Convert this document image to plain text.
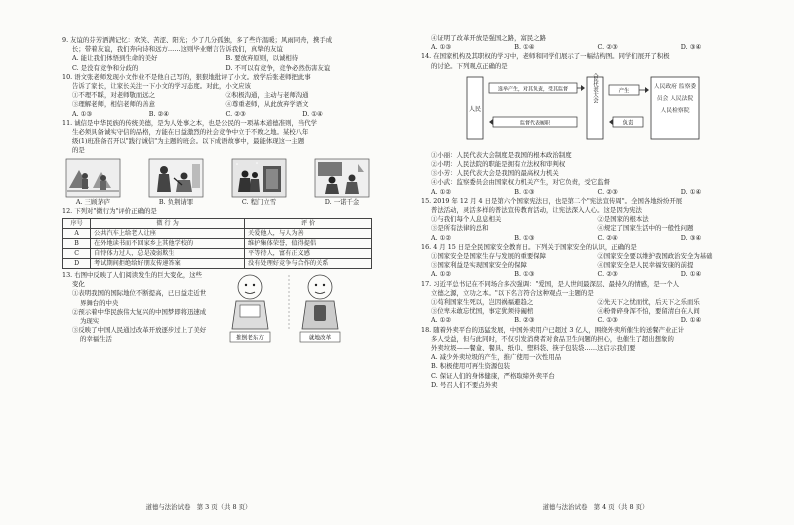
9. 友谊的芬芳洒满记忆：欢笑、苦涩、阳光；少了几分孤独，多了些许温暖；风雨同舟，携手成
长；带着友谊，我们奔向诗和远方……这则毕业赠言告诉我们，真挚的友谊
A. 能让我们体悟到生命的美好	B. 要放弃原则，以诚相待
C. 是没有竞争和分歧的	D. 不可以有竞争，竞争必然伤害友谊
10. 语文张老师发现小文作业不是他自己写的，狠狠地批评了小文。放学后张老师把此事
告诉了家长，让家长关注一下小文的学习态度。对此，小文应该
①不理不睬，对老师敬而远之	②积极沟通，主动与老师沟通
③理解老师，相信老师的善意	④尊重老师，从此放弃学语文
A. ①③	B. ②④	C. ②③	D. ①④
11. 诚信是中华民族的传统美德，是为人处事之本，也是公民的一项基本道德准则，当代学
生必须具备诚实守信的品格，方能在日益激烈的社会竞争中立于不败之地。某校八年
级(1)班准备召开以"践行诚信"为主题的班会。以下成语故事中，最能体现这一主题
的是
A. 三顾茅庐	B. 负荆请罪	C. 程门立雪	D. 一诺千金
12. 下列对"微行为"评价正确的是
序号	微 行 为	评 价
A	公共汽车上给老人让座	关爱他人，与人为善
B	在外地读书而不回家乡上其他学校的	维护集体荣誉，值得提倡
C	自恃体力过人，总是凌弱欺生	平等待人，富有正义感
D	考试期间拒绝给好朋友传递答案	没有处理好竞争与合作的关系
13. 右图中反映了人们阅读发生的巨大变化，这些
变化
①表明我国的国际地位不断提高，已日益走近世
界舞台的中央
②预示着中华民族伟大复兴的中国梦即将迅速成
为现实
③反映了中国人民通过改革开放逐步过上了美好
的幸福生活	推倒老东方	就地改革
道德与法治试卷　第 3 页（共 8 页）
④证明了改革开放是强国之路，富民之路
A. ①③	B. ①④	C. ②③	D. ③④
14. 在国家机构及其职权的学习中，老师和同学们展示了一幅结构图。同学们展开了积极
的讨论。下列观点正确的是
人民
选举产生，对其负责，受其监督
监督代表履职
人民代表大会	产生
负责
人民政府 监察委员会 人民法院 人民检察院
①小丽：人民代表大会制度是我国的根本政治制度
②小明：人民法院的职能是拥有立法权和审判权
③小芳：人民代表大会是我国的最高权力机关
④小武：监察委员会由国家权力机关产生，对它负责，受它监督
A. ①②	B. ①③	C. ②③	D. ①④
15. 2019 年 12 月 4 日是第六个国家宪法日，也是第二个"宪法宣传周"。全国各地纷纷开展
普法活动，灵活多样的普法宣传教育活动，让宪法深入人心。这是因为宪法
①与我们每个人息息相关	②是国家的根本法
③是所有法律的总和	④规定了国家生活中的一般性问题
A. ①②	B. ①③	C. ②④	D. ③④
16. 4 月 15 日是全民国家安全教育日。下列关于国家安全的认识，正确的是
①国家安全是国家生存与发展的重要保障	②国家安全要以维护我国政治安全为基础
③国家利益是实现国家安全的保障	④国家安全是人民幸福安康的前提
A. ①②	B. ①③	C. ②③	D. ①④
17. 习近平总书记在不同场合多次强调："爱国，是人世间最深层、最持久的情感，是一个人
立德之源，立功之本。"以下名言符合这种观点一主题的是
①苟利国家生死以，岂因祸福避趋之	②先天下之忧而忧，后天下之乐而乐
③位卑未敢忘忧国，事定犹须待阖棺	④粉骨碎身浑不怕，要留清白在人间
A. ①②	B. ②③	C. ①③	D. ①④
18. 随着外卖平台的迅猛发展，中国外卖用户已超过 3 亿人，围绕外卖所催生的送餐产业正计
多人受益，但与此同时，不仅引发消费者对食品卫生问题的担心，也催生了超出想象的
外卖垃圾——餐盒、餐具、纸巾、塑料袋、筷子包装袋……这启示我们要
A. 减少外卖垃圾的产生，推广使用一次性用品
B. 积极使用可再生资源包装
C. 保证人们的身体健康，严格取缔外卖平台
D. 号召人们不要点外卖
道德与法治试卷　第 4 页（共 8 页）
